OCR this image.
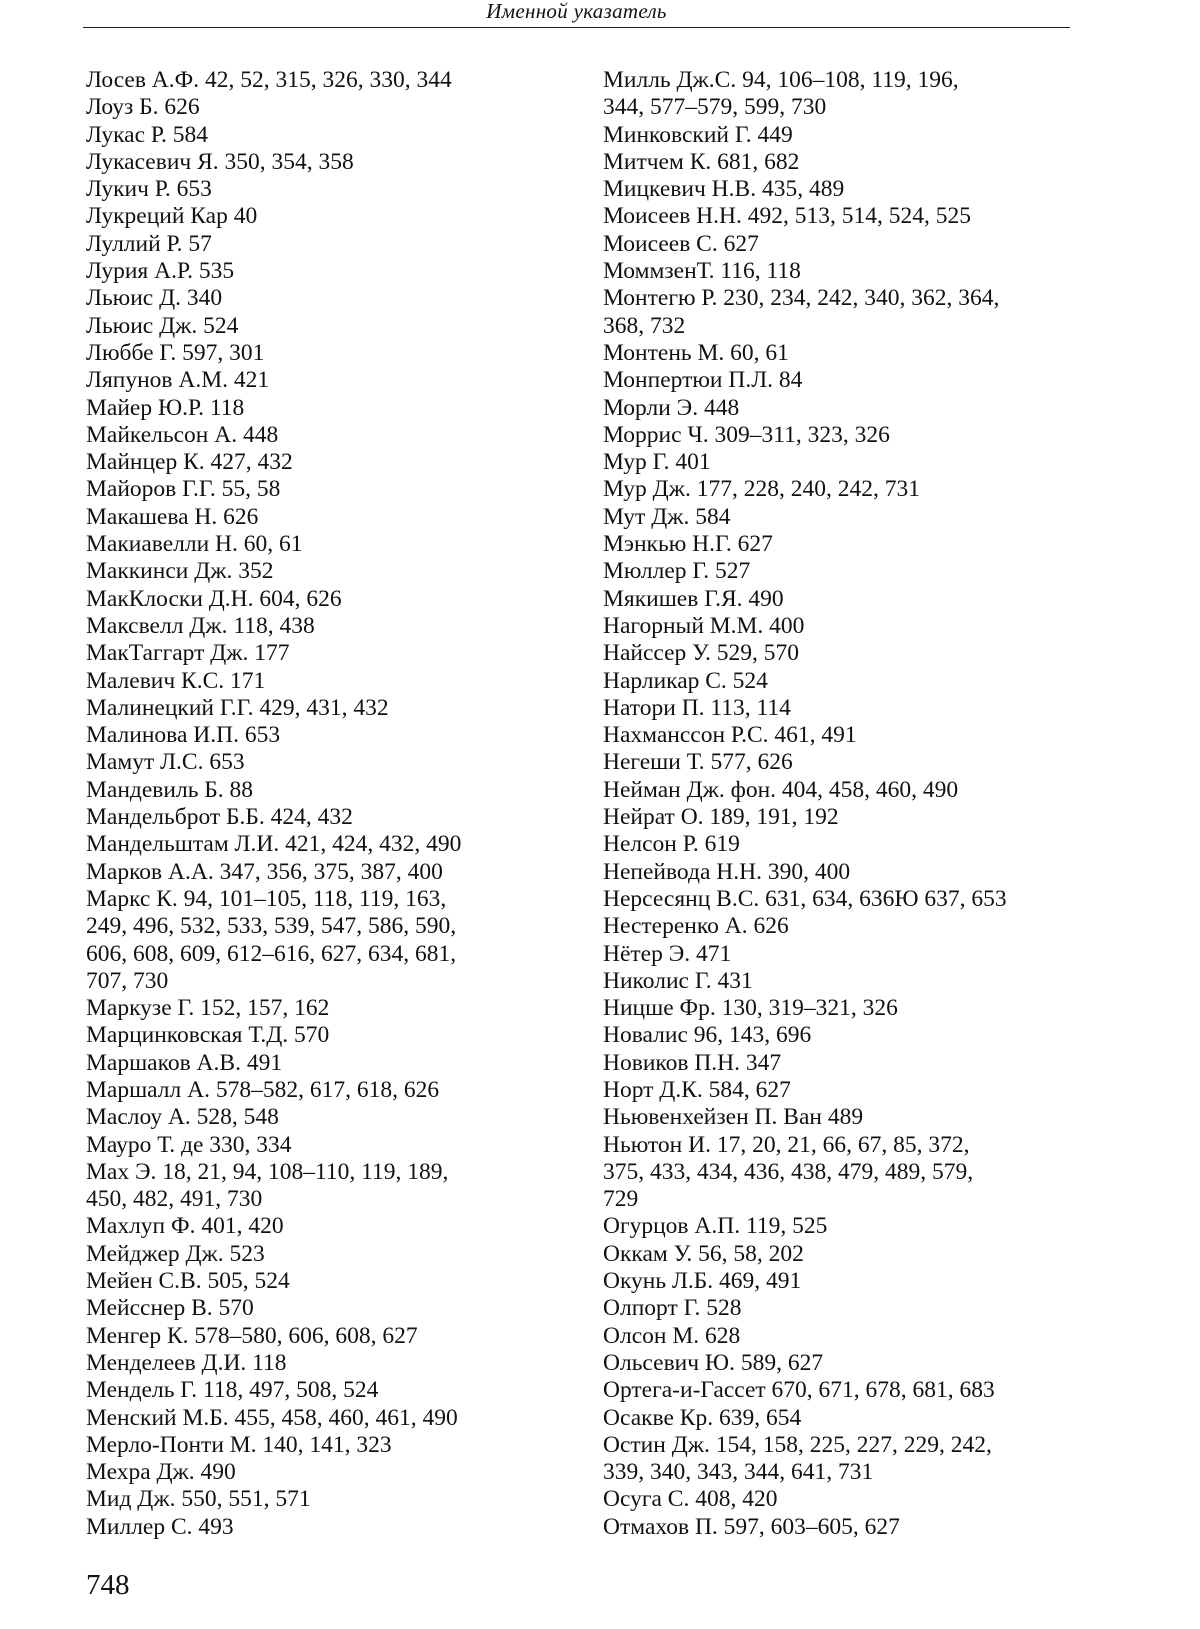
Именной указатель
Лосев А.Ф. 42, 52, 315, 326, 330, 344
Лоуз Б. 626
Лукас Р. 584
Лукасевич Я. 350, 354, 358
Лукич Р. 653
Лукреций Кар 40
Луллий Р. 57
Лурия А.Р. 535
Льюис Д. 340
Льюис Дж. 524
Люббе Г. 597, 301
Ляпунов А.М. 421
Майер Ю.Р. 118
Майкельсон А. 448
Майнцер К. 427, 432
Майоров Г.Г. 55, 58
Макашева Н. 626
Макиавелли Н. 60, 61
Маккинси Дж. 352
МакКлоски Д.Н. 604, 626
Максвелл Дж. 118, 438
МакТаггарт Дж. 177
Малевич К.С. 171
Малинецкий Г.Г. 429, 431, 432
Малинова И.П. 653
Мамут Л.С. 653
Мандевиль Б. 88
Мандельброт Б.Б. 424, 432
Мандельштам Л.И. 421, 424, 432, 490
Марков А.А. 347, 356, 375, 387, 400
Маркс К. 94, 101–105, 118, 119, 163,
249, 496, 532, 533, 539, 547, 586, 590,
606, 608, 609, 612–616, 627, 634, 681,
707, 730
Маркузе Г. 152, 157, 162
Марцинковская Т.Д. 570
Маршаков А.В. 491
Маршалл А. 578–582, 617, 618, 626
Маслоу А. 528, 548
Мауро Т. де 330, 334
Мах Э. 18, 21, 94, 108–110, 119, 189,
450, 482, 491, 730
Махлуп Ф. 401, 420
Мейджер Дж. 523
Мейен С.В. 505, 524
Мейсснер В. 570
Менгер К. 578–580, 606, 608, 627
Менделеев Д.И. 118
Мендель Г. 118, 497, 508, 524
Менский М.Б. 455, 458, 460, 461, 490
Мерло-Понти М. 140, 141, 323
Мехра Дж. 490
Мид Дж. 550, 551, 571
Миллер С. 493
Милль Дж.С. 94, 106–108, 119, 196,
344, 577–579, 599, 730
Минковский Г. 449
Митчем К. 681, 682
Мицкевич Н.В. 435, 489
Моисеев Н.Н. 492, 513, 514, 524, 525
Моисеев С. 627
МоммзенТ. 116, 118
Монтегю Р. 230, 234, 242, 340, 362, 364,
368, 732
Монтень М. 60, 61
Монпертюи П.Л. 84
Морли Э. 448
Моррис Ч. 309–311, 323, 326
Мур Г. 401
Мур Дж. 177, 228, 240, 242, 731
Мут Дж. 584
Мэнкью Н.Г. 627
Мюллер Г. 527
Мякишев Г.Я. 490
Нагорный М.М. 400
Найссер У. 529, 570
Нарликар С. 524
Натори П. 113, 114
Нахмансcон Р.С. 461, 491
Негеши Т. 577, 626
Нейман Дж. фон. 404, 458, 460, 490
Нейрат О. 189, 191, 192
Нелсон Р. 619
Непейвода Н.Н. 390, 400
Нерсесянц В.С. 631, 634, 636Ю 637, 653
Нестеренко А. 626
Нётер Э. 471
Николис Г. 431
Ницше Фр. 130, 319–321, 326
Новалис 96, 143, 696
Новиков П.Н. 347
Норт Д.К. 584, 627
Ньювенхейзен П. Ван 489
Ньютон И. 17, 20, 21, 66, 67, 85, 372,
375, 433, 434, 436, 438, 479, 489, 579,
729
Огурцов А.П. 119, 525
Оккам У. 56, 58, 202
Окунь Л.Б. 469, 491
Олпорт Г. 528
Олсон М. 628
Ольсевич Ю. 589, 627
Ортега-и-Гассет 670, 671, 678, 681, 683
Осакве Кр. 639, 654
Остин Дж. 154, 158, 225, 227, 229, 242,
339, 340, 343, 344, 641, 731
Осуга С. 408, 420
Отмахов П. 597, 603–605, 627
748
